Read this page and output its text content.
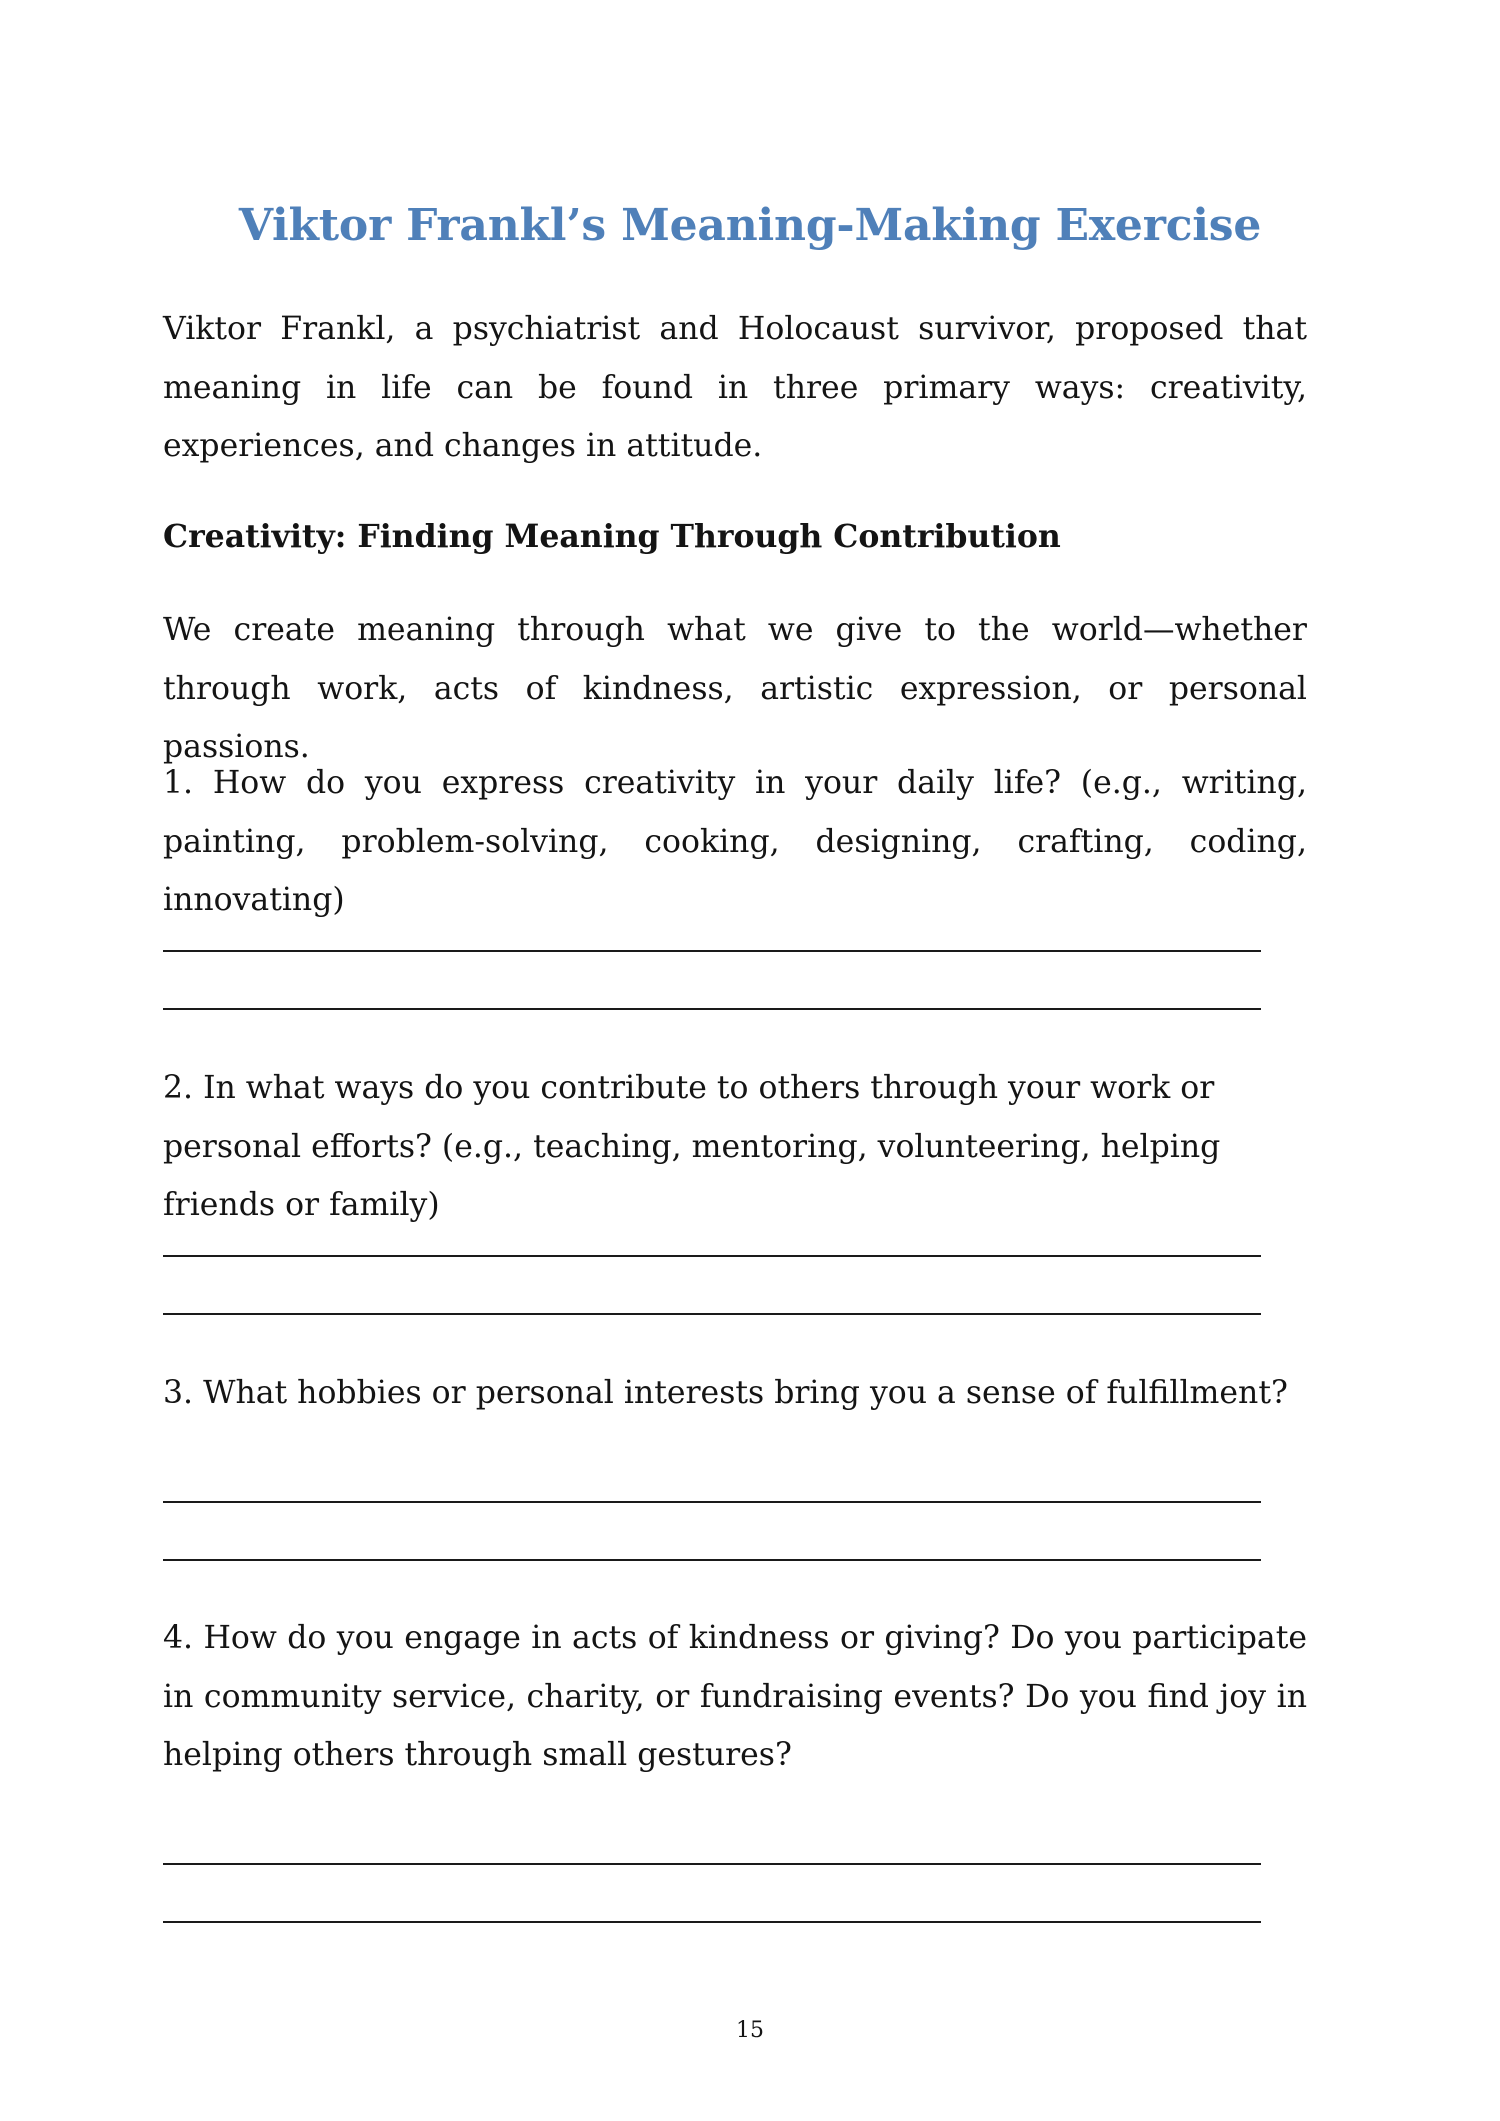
Viktor Frankl’s Meaning-Making Exercise

Viktor Frankl, a psychiatrist and Holocaust survivor, proposed that meaning in life can be found in three primary ways: creativity, experiences, and changes in attitude.

Creativity: Finding Meaning Through Contribution

We create meaning through what we give to the world—whether through work, acts of kindness, artistic expression, or personal passions.

1. How do you express creativity in your daily life? (e.g., writing, painting, problem-solving, cooking, designing, crafting, coding, innovating)

2. In what ways do you contribute to others through your work or personal efforts? (e.g., teaching, mentoring, volunteering, helping friends or family)

3. What hobbies or personal interests bring you a sense of fulfillment?

4. How do you engage in acts of kindness or giving? Do you participate in community service, charity, or fundraising events? Do you find joy in helping others through small gestures?

15
